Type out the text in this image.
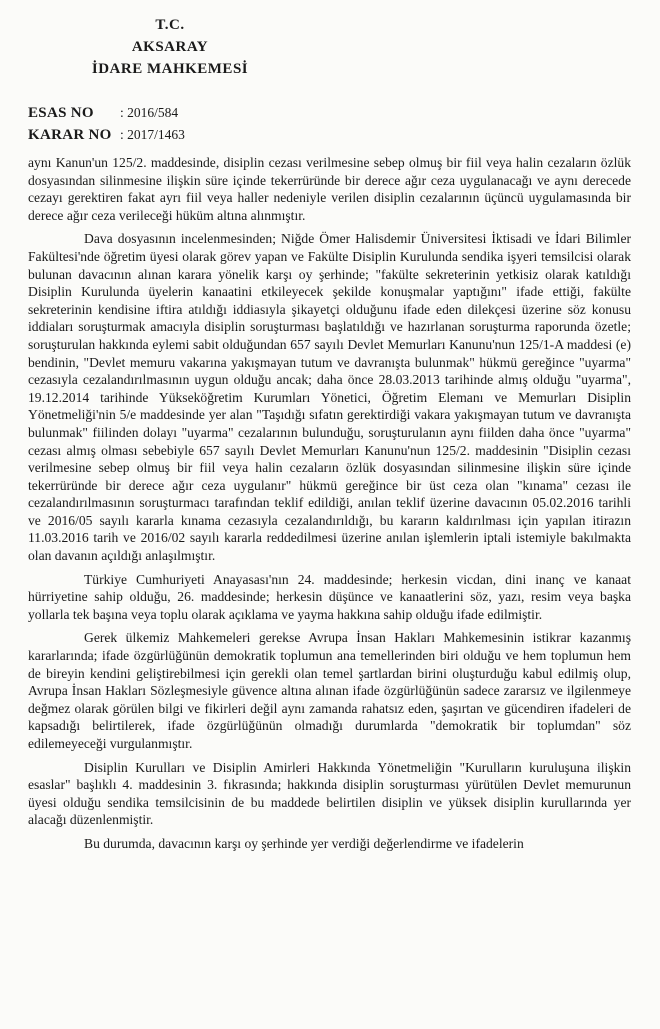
T.C.
AKSARAY
İDARE MAHKEMESİ
ESAS NO	: 2016/584
KARAR NO : 2017/1463

aynı Kanun'un 125/2. maddesinde, disiplin cezası verilmesine sebep olmuş bir fiil veya halin cezaların özlük dosyasından silinmesine ilişkin süre içinde tekerrüründe bir derece ağır ceza uygulanacağı ve aynı derecede cezayı gerektiren fakat ayrı fiil veya haller nedeniyle verilen disiplin cezalarının üçüncü uygulamasında bir derece ağır ceza verileceği hüküm altına alınmıştır.

Dava dosyasının incelenmesinden; Niğde Ömer Halisdemir Üniversitesi İktisadi ve İdari Bilimler Fakültesi'nde öğretim üyesi olarak görev yapan ve Fakülte Disiplin Kurulunda sendika işyeri temsilcisi olarak bulunan davacının alınan karara yönelik karşı oy şerhinde; "fakülte sekreterinin yetkisiz olarak katıldığı Disiplin Kurulunda üyelerin kanaatini etkileyecek şekilde konuşmalar yaptığını" ifade ettiği, fakülte sekreterinin kendisine iftira atıldığı iddiasıyla şikayetçi olduğunu ifade eden dilekçesi üzerine söz konusu iddiaları soruşturmak amacıyla disiplin soruşturması başlatıldığı ve hazırlanan soruşturma raporunda özetle; soruşturulan hakkında eylemi sabit olduğundan 657 sayılı Devlet Memurları Kanunu'nun 125/1-A maddesi (e) bendinin, "Devlet memuru vakarına yakışmayan tutum ve davranışta bulunmak" hükmü gereğince "uyarma" cezasıyla cezalandırılmasının uygun olduğu ancak; daha önce 28.03.2013 tarihinde almış olduğu "uyarma", 19.12.2014 tarihinde Yükseköğretim Kurumları Yönetici, Öğretim Elemanı ve Memurları Disiplin Yönetmeliği'nin 5/e maddesinde yer alan "Taşıdığı sıfatın gerektirdiği vakara yakışmayan tutum ve davranışta bulunmak" fiilinden dolayı "uyarma" cezalarının bulunduğu, soruşturulanın aynı fiilden daha önce "uyarma" cezası almış olması sebebiyle 657 sayılı Devlet Memurları Kanunu'nun 125/2. maddesinin "Disiplin cezası verilmesine sebep olmuş bir fiil veya halin cezaların özlük dosyasından silinmesine ilişkin süre içinde tekerrüründe bir derece ağır ceza uygulanır" hükmü gereğince bir üst ceza olan "kınama" cezası ile cezalandırılmasının soruşturmacı tarafından teklif edildiği, anılan teklif üzerine davacının 05.02.2016 tarihli ve 2016/05 sayılı kararla kınama cezasıyla cezalandırıldığı, bu kararın kaldırılması için yapılan itirazın 11.03.2016 tarih ve 2016/02 sayılı kararla reddedilmesi üzerine anılan işlemlerin iptali istemiyle bakılmakta olan davanın açıldığı anlaşılmıştır.

Türkiye Cumhuriyeti Anayasası'nın 24. maddesinde; herkesin vicdan, dini inanç ve kanaat hürriyetine sahip olduğu, 26. maddesinde; herkesin düşünce ve kanaatlerini söz, yazı, resim veya başka yollarla tek başına veya toplu olarak açıklama ve yayma hakkına sahip olduğu ifade edilmiştir.

Gerek ülkemiz Mahkemeleri gerekse Avrupa İnsan Hakları Mahkemesinin istikrar kazanmış kararlarında; ifade özgürlüğünün demokratik toplumun ana temellerinden biri olduğu ve hem toplumun hem de bireyin kendini geliştirebilmesi için gerekli olan temel şartlardan birini oluşturduğu kabul edilmiş olup, Avrupa İnsan Hakları Sözleşmesiyle güvence altına alınan ifade özgürlüğünün sadece zararsız ve ilgilenmeye değmez olarak görülen bilgi ve fikirleri değil aynı zamanda rahatsız eden, şaşırtan ve gücendiren ifadeleri de kapsadığı belirtilerek, ifade özgürlüğünün olmadığı durumlarda "demokratik bir toplumdan" söz edilemeyeceği vurgulanmıştır.

Disiplin Kurulları ve Disiplin Amirleri Hakkında Yönetmeliğin "Kurulların kuruluşuna ilişkin esaslar" başlıklı 4. maddesinin 3. fıkrasında; hakkında disiplin soruşturması yürütülen Devlet memurunun üyesi olduğu sendika temsilcisinin de bu maddede belirtilen disiplin ve yüksek disiplin kurullarında yer alacağı düzenlenmiştir.

Bu durumda, davacının karşı oy şerhinde yer verdiği değerlendirme ve ifadelerin
